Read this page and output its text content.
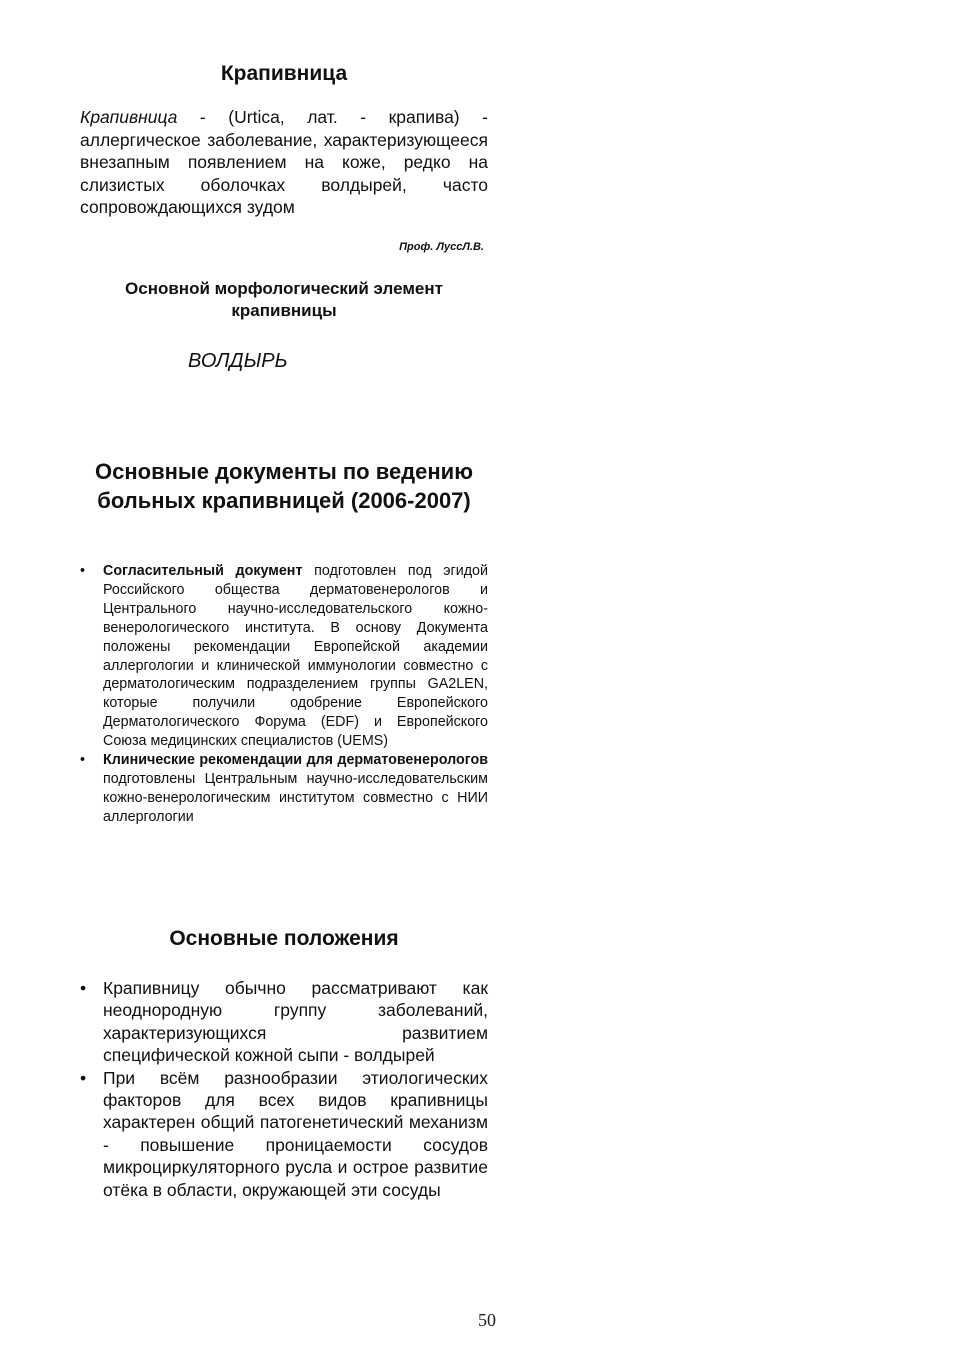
Крапивница
Крапивница - (Urtica, лат. - крапива) - аллергическое заболевание, характеризующееся внезапным появлением на коже, редко на слизистых оболочках волдырей, часто сопровождающихся зудом
Проф. ЛуссЛ.В.
Основной морфологический элемент крапивницы
ВОЛДЫРЬ
Основные документы по ведению больных крапивницей (2006-2007)
• Согласительный документ подготовлен под эгидой Российского общества дерматовенерологов и Центрального научно-исследовательского кожно-венерологического института. В основу Документа положены рекомендации Европейской академии аллергологии и клинической иммунологии совместно с дерматологическим подразделением группы GA2LEN, которые получили одобрение Европейского Дерматологического Форума (EDF) и Европейского Союза медицинских специалистов (UEMS)
• Клинические рекомендации для дерматовенерологов подготовлены Центральным научно-исследовательским кожно-венерологическим институтом совместно с НИИ аллергологии
Основные положения
• Крапивницу обычно рассматривают как неоднородную группу заболеваний, характеризующихся развитием специфической кожной сыпи - волдырей
• При всём разнообразии этиологических факторов для всех видов крапивницы характерен общий патогенетический механизм - повышение проницаемости сосудов микроциркуляторного русла и острое развитие отёка в области, окружающей эти сосуды
50
